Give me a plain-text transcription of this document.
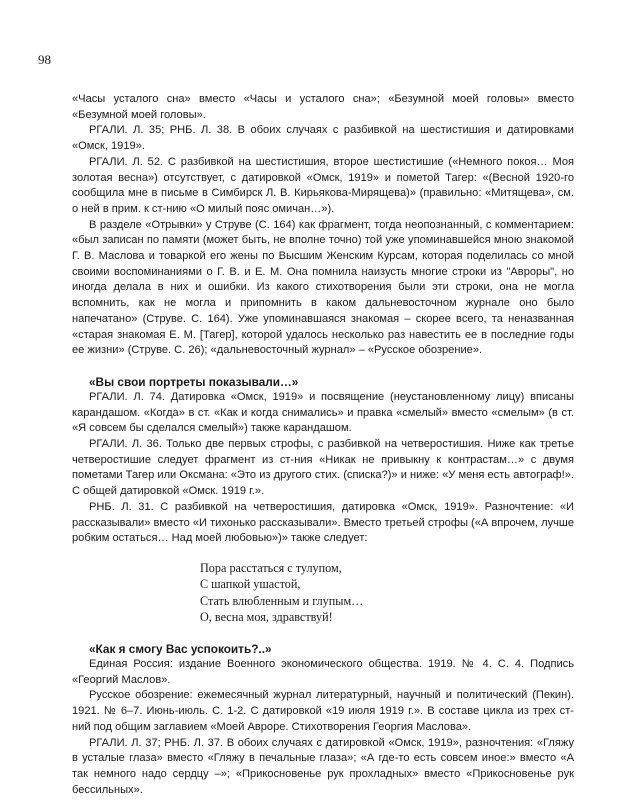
98

«Часы усталого сна» вместо «Часы и усталого сна»; «Безумной моей головы» вместо «Безумной моей головы».

РГАЛИ. Л. 35; РНБ. Л. 38. В обоих случаях с разбивкой на шестистишия и датировками «Омск, 1919».

РГАЛИ. Л. 52. С разбивкой на шестистишия, второе шестистишие («Немного покоя… Моя золотая весна») отсутствует, с датировкой «Омск, 1919» и пометой Тагер: «(Весной 1920-го сообщила мне в письме в Симбирск Л. В. Кирьякова-Мирящева)» (правильно: «Митящева», см. о ней в прим. к ст-нию «О милый пояс омичан…»).

В разделе «Отрывки» у Струве (С. 164) как фрагмент, тогда неопознанный, с комментарием: «был записан по памяти (может быть, не вполне точно) той уже упоминавшейся мною знакомой Г. В. Маслова и товаркой его жены по Высшим Женским Курсам, которая поделилась со мной своими воспоминаниями о Г. В. и Е. М. Она помнила наизусть многие строки из "Авроры", но иногда делала в них и ошибки. Из какого стихотворения были эти строки, она не могла вспомнить, как не могла и припомнить в каком дальневосточном журнале оно было напечатано» (Струве. С. 164). Уже упоминавшаяся знакомая – скорее всего, та неназванная «старая знакомая Е. М. [Тагер], которой удалось несколько раз навестить ее в последние годы ее жизни» (Струве. С. 26); «дальневосточный журнал» – «Русское обозрение».

«Вы свои портреты показывали…»

РГАЛИ. Л. 74. Датировка «Омск, 1919» и посвящение (неустановленному лицу) вписаны карандашом. «Когда» в ст. «Как и когда снимались» и правка «смелый» вместо «смелым» (в ст. «Я совсем бы сделался смелый») также карандашом.

РГАЛИ. Л. 36. Только две первых строфы, с разбивкой на четверостишия. Ниже как третье четверостишие следует фрагмент из ст-ния «Никак не привыкну к контрастам…» с двумя пометами Тагер или Оксмана: «Это из другого стих. (списка?)» и ниже: «У меня есть автограф!». С общей датировкой «Омск. 1919 г.».

РНБ. Л. 31. С разбивкой на четверостишия, датировка «Омск, 1919». Разночтение: «И рассказывали» вместо «И тихонько рассказывали». Вместо третьей строфы («А впрочем, лучше робким остаться… Над моей любовью»)» также следует:

Пора расстаться с тулупом,
С шапкой ушастой,
Стать влюбленным и глупым…
О, весна моя, здравствуй!
«Как я смогу Вас успокоить?..»

Единая Россия: издание Военного экономического общества. 1919. № 4. С. 4. Подпись «Георгий Маслов».

Русское обозрение: ежемесячный журнал литературный, научный и политический (Пекин). 1921. № 6–7. Июнь-июль. С. 1-2. С датировкой «19 июля 1919 г.». В составе цикла из трех ст-ний под общим заглавием «Моей Авроре. Стихотворения Георгия Маслова».

РГАЛИ. Л. 37; РНБ. Л. 37. В обоих случаях с датировкой «Омск, 1919», разночтения: «Гляжу в усталые глаза» вместо «Гляжу в печальные глаза»; «А где-то есть совсем иное:» вместо «А так немного надо сердцу –»; «Прикосновенье рук прохладных» вместо «Прикосновенье рук бессильных».
